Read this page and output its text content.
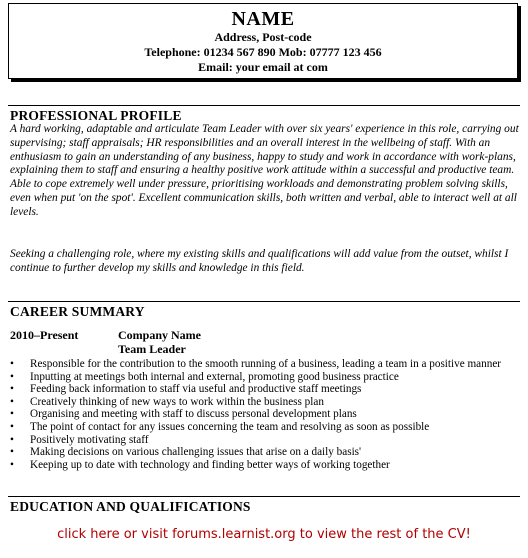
NAME
Address, Post-code
Telephone: 01234 567 890 Mob: 07777 123 456
Email: your email at com
PROFESSIONAL PROFILE
A hard working, adaptable and articulate Team Leader with over six years' experience in this role, carrying out supervising; staff appraisals; HR responsibilities and an overall interest in the wellbeing of staff. With an enthusiasm to gain an understanding of any business, happy to study and work in accordance with work-plans, explaining them to staff and ensuring a healthy positive work attitude within a successful and productive team. Able to cope extremely well under pressure, prioritising workloads and demonstrating problem solving skills, even when put 'on the spot'. Excellent communication skills, both written and verbal, able to interact well at all levels.
Seeking a challenging role, where my existing skills and qualifications will add value from the outset, whilst I continue to further develop my skills and knowledge in this field.
CAREER SUMMARY
2010–Present	Company Name
Team Leader
• Responsible for the contribution to the smooth running of a business, leading a team in a positive manner
• Inputting at meetings both internal and external, promoting good business practice
• Feeding back information to staff via useful and productive staff meetings
• Creatively thinking of new ways to work within the business plan
• Organising and meeting with staff to discuss personal development plans
• The point of contact for any issues concerning the team and resolving as soon as possible
• Positively motivating staff
• Making decisions on various challenging issues that arise on a daily basis'
• Keeping up to date with technology and finding better ways of working together
EDUCATION AND QUALIFICATIONS
click here or visit forums.learnist.org to view the rest of the CV!
